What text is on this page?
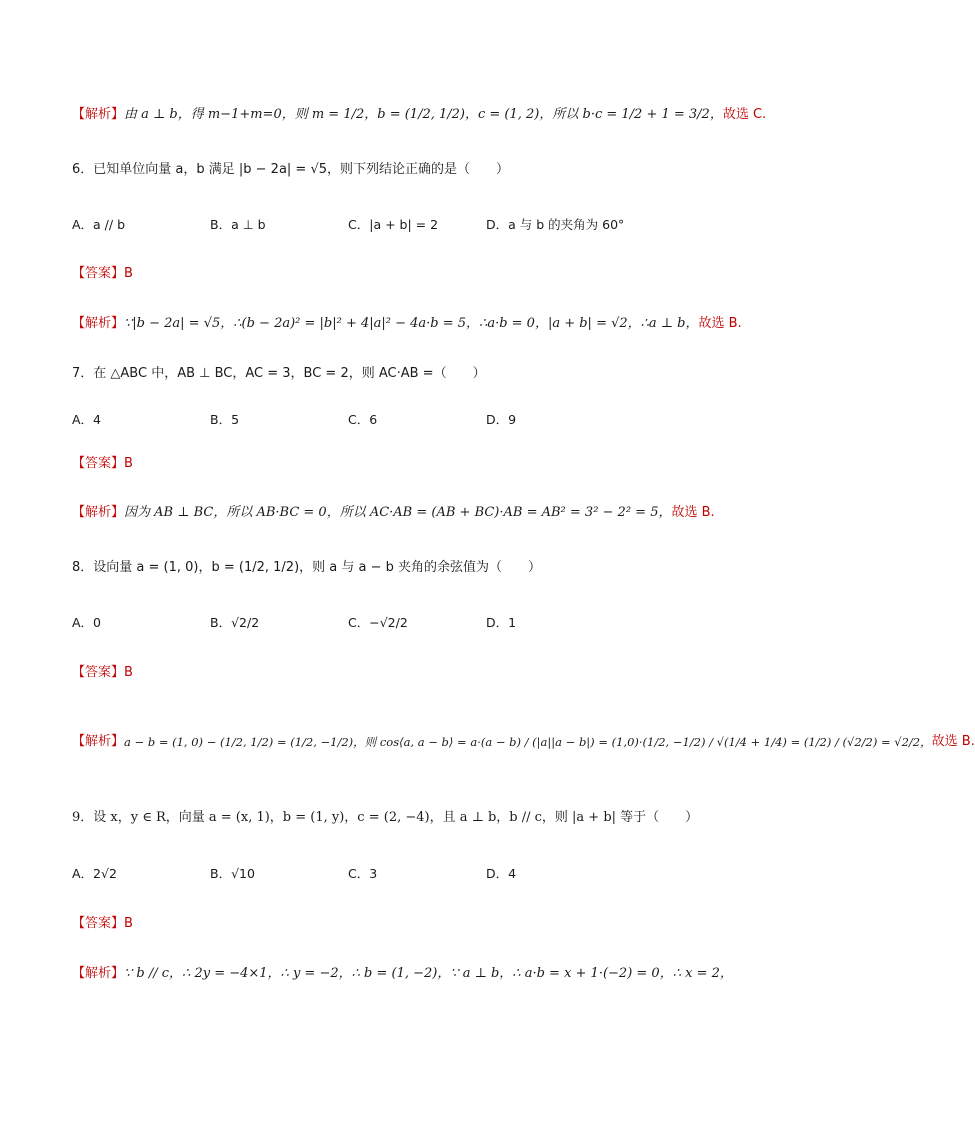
【解析】 由 a ⊥ b，得 m−1+m=0，则 m = 1/2，b = (1/2, 1/2)，c = (1, 2)，所以 b·c = 1/2 + 1 = 3/2， 故选 C.
6．已知单位向量 a，b 满足 |b − 2a| = √5，则下列结论正确的是（　　）
A．a // b	B．a ⊥ b	C．|a + b| = 2	D．a 与 b 的夹角为 60°
【答案】 B
【解析】 ∵|b − 2a| = √5，∴(b − 2a)² = |b|² + 4|a|² − 4a·b = 5，∴a·b = 0，|a + b| = √2，∴a ⊥ b， 故选 B.
7．在 △ABC 中，AB ⊥ BC，AC = 3，BC = 2，则 AC·AB =（　　）
A．4	B．5	C．6	D．9
【答案】 B
【解析】 因为 AB ⊥ BC，所以 AB·BC = 0，所以 AC·AB = (AB + BC)·AB = AB² = 3² − 2² = 5， 故选 B.
8．设向量 a = (1, 0)，b = (1/2, 1/2)，则 a 与 a − b 夹角的余弦值为（　　）
A．0	B．√2/2	C．−√2/2	D．1
【答案】 B
【解析】 a − b = (1, 0) − (1/2, 1/2) = (1/2, −1/2)，则 cos⟨a, a − b⟩ = a·(a − b) / (|a||a − b|) = (1,0)·(1/2, −1/2) / √(1/4 + 1/4) = (1/2) / (√2/2) = √2/2， 故选 B.
9．设 x，y ∈ R，向量 a = (x, 1)，b = (1, y)，c = (2, −4)，且 a ⊥ b，b // c，则 |a + b| 等于（　　）
A．2√2	B．√10	C．3	D．4
【答案】 B
【解析】 ∵ b // c，∴ 2y = −4×1，∴ y = −2，∴ b = (1, −2)，∵ a ⊥ b，∴ a·b = x + 1·(−2) = 0，∴ x = 2，
